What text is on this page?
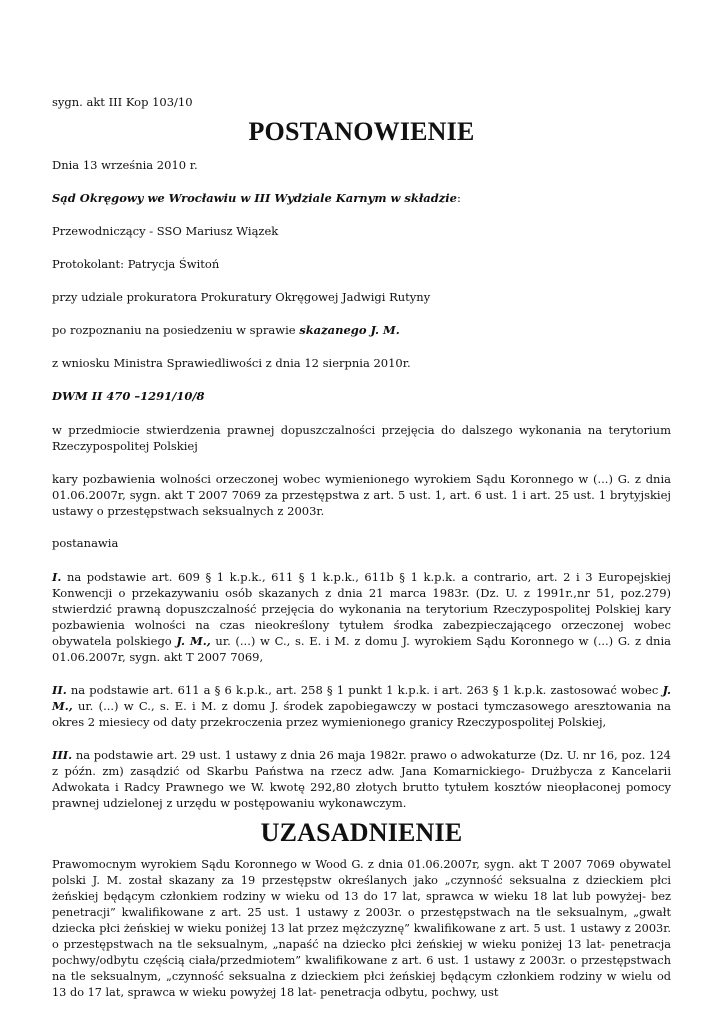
sygn. akt III Kop 103/10

POSTANOWIENIE

Dnia 13 września 2010 r.

Sąd Okręgowy we Wrocławiu w III Wydziale Karnym w składzie:

Przewodniczący - SSO Mariusz Wiązek

Protokolant: Patrycja Świtoń

przy udziale prokuratora Prokuratury Okręgowej Jadwigi Rutyny

po rozpoznaniu na posiedzeniu w sprawie skazanego J. M.

z wniosku Ministra Sprawiedliwości z dnia 12 sierpnia 2010r.

DWM II 470 –1291/10/8

w przedmiocie stwierdzenia prawnej dopuszczalności przejęcia do dalszego wykonania na terytorium Rzeczypospolitej Polskiej

kary pozbawienia wolności orzeczonej wobec wymienionego wyrokiem Sądu Koronnego w (...) G. z dnia 01.06.2007r, sygn. akt T 2007 7069 za przestępstwa z art. 5 ust. 1, art. 6 ust. 1 i art. 25 ust. 1 brytyjskiej ustawy o przestępstwach seksualnych z 2003r.

postanawia

I. na podstawie art. 609 § 1 k.p.k., 611 § 1 k.p.k., 611b § 1 k.p.k. a contrario, art. 2 i 3 Europejskiej Konwencji o przekazywaniu osób skazanych z dnia 21 marca 1983r. (Dz. U. z 1991r.,nr 51, poz.279) stwierdzić prawną dopuszczalność przejęcia do wykonania na terytorium Rzeczypospolitej Polskiej kary pozbawienia wolności na czas nieokreślony tytułem środka zabezpieczającego orzeczonej wobec obywatela polskiego J. M., ur. (...) w C., s. E. i M. z domu J. wyrokiem Sądu Koronnego w (...) G. z dnia 01.06.2007r, sygn. akt T 2007 7069,

II. na podstawie art. 611 a § 6 k.p.k., art. 258 § 1 punkt 1 k.p.k. i art. 263 § 1 k.p.k. zastosować wobec J. M., ur. (...) w C., s. E. i M. z domu J. środek zapobiegawczy w postaci tymczasowego aresztowania na okres 2 miesiecy od daty przekroczenia przez wymienionego granicy Rzeczypospolitej Polskiej,

III. na podstawie art. 29 ust. 1 ustawy z dnia 26 maja 1982r. prawo o adwokaturze (Dz. U. nr 16, poz. 124 z późn. zm) zasądzić od Skarbu Państwa na rzecz adw. Jana Komarnickiego- Drużbycza z Kancelarii Adwokata i Radcy Prawnego we W. kwotę 292,80 złotych brutto tytułem kosztów nieopłaconej pomocy prawnej udzielonej z urzędu w postępowaniu wykonawczym.

UZASADNIENIE

Prawomocnym wyrokiem Sądu Koronnego w Wood G. z dnia 01.06.2007r, sygn. akt T 2007 7069 obywatel polski J. M. został skazany za 19 przestępstw określanych jako „czynność seksualna z dzieckiem płci żeńskiej będącym członkiem rodziny w wieku od 13 do 17 lat, sprawca w wieku 18 lat lub powyżej- bez penetracji” kwalifikowane z art. 25 ust. 1 ustawy z 2003r. o przestępstwach na tle seksualnym, „gwałt dziecka płci żeńskiej w wieku poniżej 13 lat przez mężczyznę” kwalifikowane z art. 5 ust. 1 ustawy z 2003r. o przestępstwach na tle seksualnym, „napaść na dziecko płci żeńskiej w wieku poniżej 13 lat- penetracja pochwy/odbytu częścią ciała/przedmiotem” kwalifikowane z art. 6 ust. 1 ustawy z 2003r. o przestępstwach na tle seksualnym, „czynność seksualna z dzieckiem płci żeńskiej będącym członkiem rodziny w wielu od 13 do 17 lat, sprawca w wieku powyżej 18 lat- penetracja odbytu, pochwy, ust
